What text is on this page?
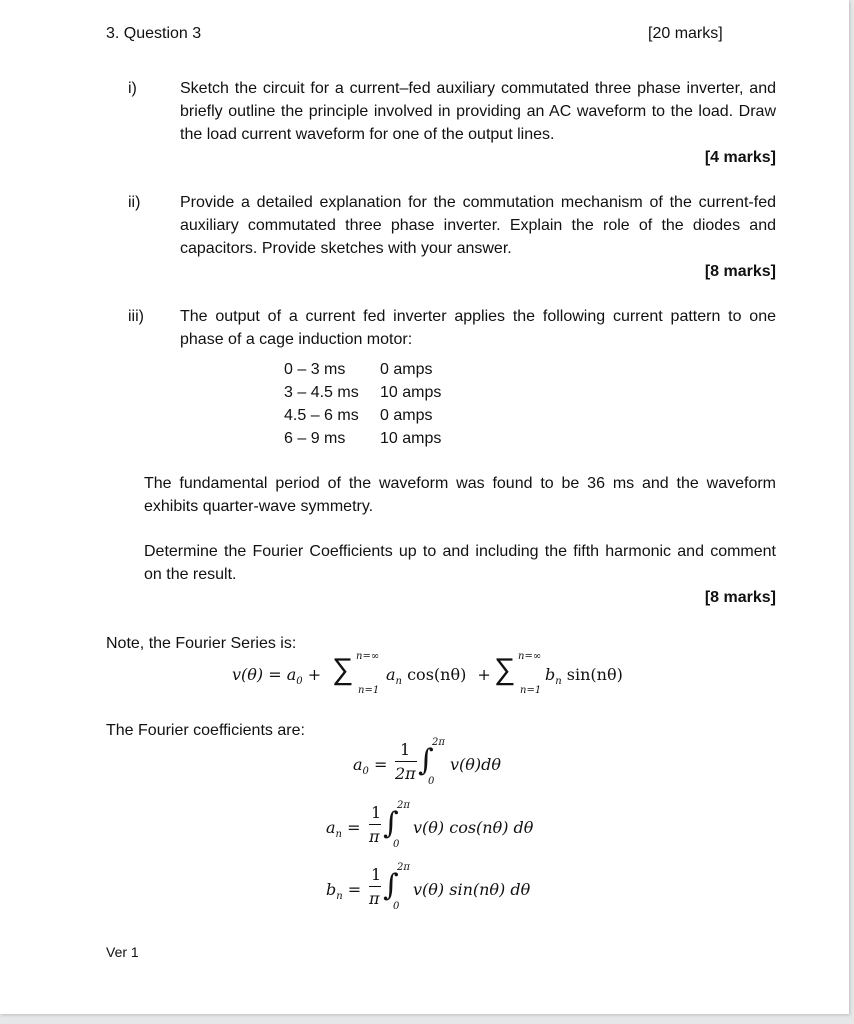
3. Question 3	[20 marks]
i)	Sketch the circuit for a current–fed auxiliary commutated three phase inverter, and briefly outline the principle involved in providing an AC waveform to the load. Draw the load current waveform for one of the output lines.
[4 marks]
ii) Provide a detailed explanation for the commutation mechanism of the current-fed auxiliary commutated three phase inverter. Explain the role of the diodes and capacitors. Provide sketches with your answer.
[8 marks]
iii) The output of a current fed inverter applies the following current pattern to one phase of a cage induction motor:
0 – 3 ms	0 amps
3 – 4.5 ms	10 amps
4.5 – 6 ms	0 amps
6 – 9 ms	10 amps
The fundamental period of the waveform was found to be 36 ms and the waveform exhibits quarter-wave symmetry.
Determine the Fourier Coefficients up to and including the fifth harmonic and comment on the result.
[8 marks]
Note, the Fourier Series is:
$v(\theta) = a_0$ + ∑ n=∞
n=1
$a_n$ cos(nθ) + ∑ n=∞
n=1
$b_n$ sin(nθ)
The Fourier coefficients are:
$a_0$ =
1
2π ∫
2π
0
v(θ)dθ
$a_n$ =
1
π ∫
2π
0
v(θ) cos(nθ) dθ
$b_n$ =
1
π ∫
2π
0
v(θ) sin(nθ) dθ
Ver 1
